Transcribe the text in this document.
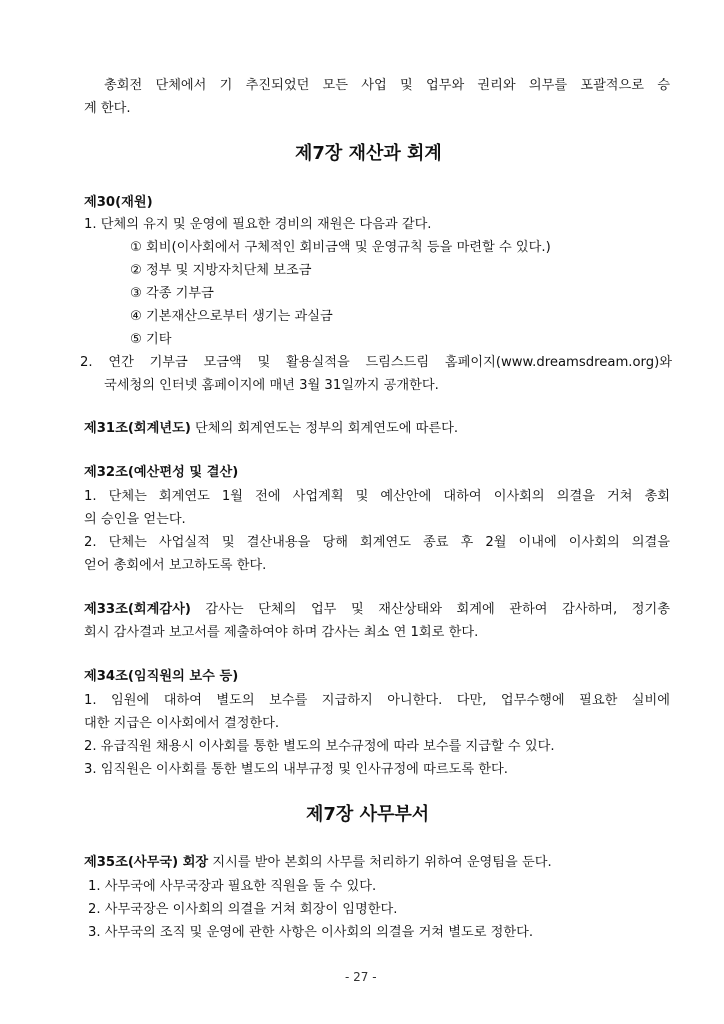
총회전 단체에서 기 추진되었던 모든 사업 및 업무와 권리와 의무를 포괄적으로 승
계 한다.
제7장 재산과 회계
제30(재원)
1. 단체의 유지 및 운영에 필요한 경비의 재원은 다음과 같다.
① 회비(이사회에서 구체적인 회비금액 및 운영규칙 등을 마련할 수 있다.)
② 정부 및 지방자치단체 보조금
③ 각종 기부금
④ 기본재산으로부터 생기는 과실금
⑤ 기타
2. 연간 기부금 모금액 및 활용실적을 드림스드림 홈페이지(www.dreamsdream.org)와
국세청의 인터넷 홈페이지에 매년 3월 31일까지 공개한다.
제31조(회계년도) 단체의 회계연도는 정부의 회계연도에 따른다.
제32조(예산편성 및 결산)
1. 단체는 회계연도 1월 전에 사업계획 및 예산안에 대하여 이사회의 의결을 거쳐 총회
의 승인을 얻는다.
2. 단체는 사업실적 및 결산내용을 당해 회계연도 종료 후 2월 이내에 이사회의 의결을
얻어 총회에서 보고하도록 한다.
제33조(회계감사) 감사는 단체의 업무 및 재산상태와 회계에 관하여 감사하며, 정기총
회시 감사결과 보고서를 제출하여야 하며 감사는 최소 연 1회로 한다.
제34조(임직원의 보수 등)
1. 임원에 대하여 별도의 보수를 지급하지 아니한다. 다만, 업무수행에 필요한 실비에
대한 지급은 이사회에서 결정한다.
2. 유급직원 채용시 이사회를 통한 별도의 보수규정에 따라 보수를 지급할 수 있다.
3. 임직원은 이사회를 통한 별도의 내부규정 및 인사규정에 따르도록 한다.
제7장 사무부서
제35조(사무국) 회장 지시를 받아 본회의 사무를 처리하기 위하여 운영팀을 둔다.
1. 사무국에 사무국장과 필요한 직원을 둘 수 있다.
2. 사무국장은 이사회의 의결을 거쳐 회장이 임명한다.
3. 사무국의 조직 및 운영에 관한 사항은 이사회의 의결을 거쳐 별도로 정한다.
- 27 -
